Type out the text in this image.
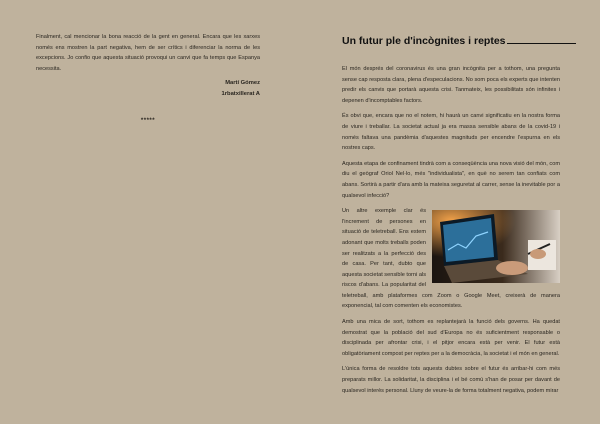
Finalment, cal mencionar la bona reacció de la gent en general. Encara que les xarxes només ens mostren la part negativa, hem de ser crítics i diferenciar la norma de les excepcions. Jo confio que aquesta situació provoqui un canvi que fa temps que Espanya necessita.

Martí Gómez
1rbatxillerat A
*****
Un futur ple d'incògnites i reptes

El món després del coronavirus és una gran incògnita per a tothom, una pregunta sense cap resposta clara, plena d'especulacions. No som poca els experts que intenten predir els canvis que portarà aquesta crisi. Tanmateix, les possibilitats són infinites i depenen d'incomptables factors.

És obvi que, encara que no el notem, hi haurà un canvi significatiu en la nostra forma de viure i treballar. La societat actual ja era massa sensible abans de la covid-19 i només faltava una pandèmia d'aquestes magnituds per encendre l'espurna en els nostres caps.

Aquesta etapa de confinament tindrà com a conseqüència una nova visió del món, com diu el geògraf Oriol Nel·lo, més "individualista", en què no serem tan confiats com abans. Sortirà a partir d'ara amb la mateixa seguretat al carrer, sense la inevitable por a qualsevol infecció?

Un altre exemple clar és l'increment de persones en situació de teletreball. Ens estem adonant que molts treballs poden ser realitzats a la perfecció des de casa. Per tant, dubto que aquesta societat sensible torni als riscos d'abans. La popularitat del teletreball, amb plataformes com Zoom o Google Meet, creixerà de manera exponencial, tal com comenten els economistes.

Amb una mica de sort, tothom es replantejarà la funció dels governs. Ha quedat demostrat que la població del sud d'Europa no és suficientment responsable o disciplinada per afrontar crisi, i el pitjor encara està per venir. El futur està obligatòriament compost per reptes per a la democràcia, la societat i el món en general.

L'única forma de resoldre tots aquests dubtes sobre el futur és arribar-hi com més preparats millor. La solidaritat, la disciplina i el bé comú s'han de posar per davant de qualsevol interès personal. Lluny de veure-la de forma totalment negativa, podem mirar
